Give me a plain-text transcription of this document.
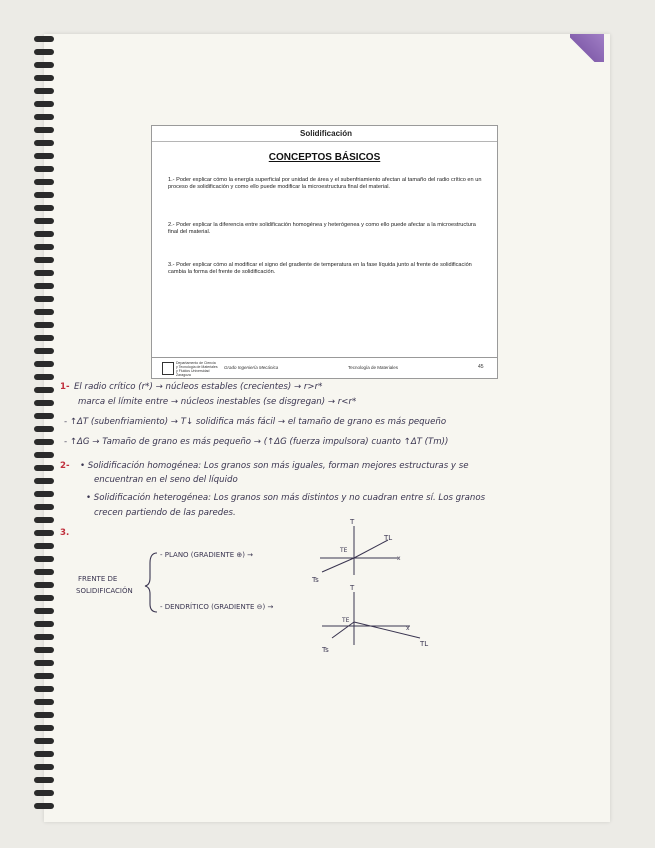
Solidificación
CONCEPTOS BÁSICOS
1.- Poder explicar cómo la energía superficial por unidad de área y el subenfriamiento afectan al tamaño del radio crítico en un proceso de solidificación y como ello puede modificar la microestructura final del material.
2.- Poder explicar la diferencia entre solidificación homogénea y heterógenea y como ello puede afectar a la microestructura final del material.
3.- Poder explicar cómo al modificar el signo del gradiente de temperatura en la fase líquida junto al frente de solidificación cambia la forma del frente de solidificación.
Departamento de Ciencia y Tecnología de Materiales y Fluidos Universidad Zaragoza
Grado Ingeniería Mecánica	Tecnología de Materiales	45
1- El radio crítico (r*) → núcleos estables (crecientes) → r>r*
marca el límite entre → núcleos inestables (se disgregan) → r<r*
- ↑ΔT (subenfriamiento) → T↓ solidifica más fácil → el tamaño de grano es más pequeño
- ↑ΔG → Tamaño de grano es más pequeño → (↑ΔG (fuerza impulsora) cuanto ↑ΔT (Tm))
2- • Solidificación homogénea: Los granos son más iguales, forman mejores estructuras y se
encuentran en el seno del líquido
• Solidificación heterogénea: Los granos son más distintos y no cuadran entre sí. Los granos
crecen partiendo de las paredes.
3.
FRENTE DE
SOLIDIFICACIÓN
- PLANO (GRADIENTE ⊕) →
- DENDRÍTICO (GRADIENTE ⊖) →
T
TE
TL
x
Ts
T
TE
TL
x
Ts
